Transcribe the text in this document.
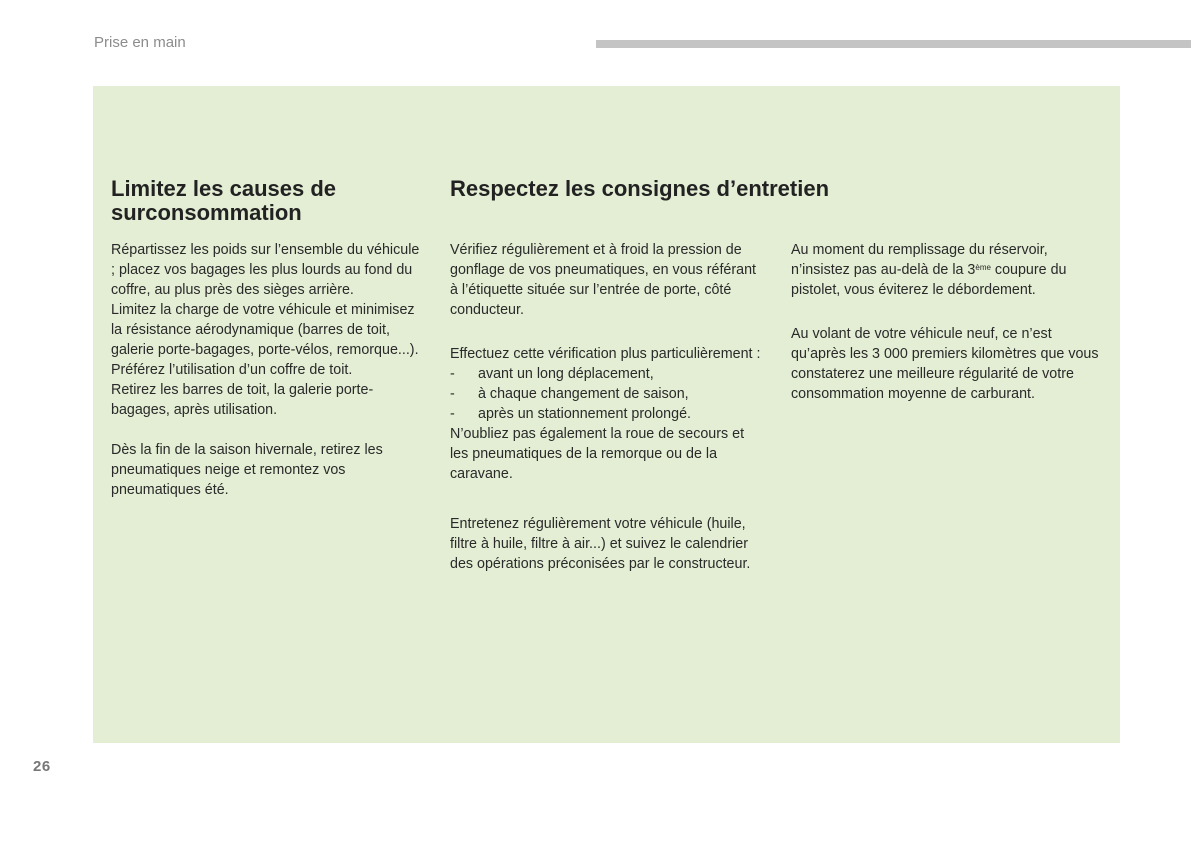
Prise en main
Limitez les causes de
surconsommation

Répartissez les poids sur l’ensemble du véhicule ; placez vos bagages les plus lourds au fond du coffre, au plus près des sièges arrière.

Limitez la charge de votre véhicule et minimisez la résistance aérodynamique (barres de toit, galerie porte-bagages, porte-vélos, remorque...). Préférez l’utilisation d’un coffre de toit.

Retirez les barres de toit, la galerie porte-bagages, après utilisation.

Dès la fin de la saison hivernale, retirez les pneumatiques neige et remontez vos pneumatiques été.

Respectez les consignes d’entretien

Vérifiez régulièrement et à froid la pression de gonflage de vos pneumatiques, en vous référant à l’étiquette située sur l’entrée de porte, côté conducteur.

Effectuez cette vérification plus particulièrement :

- avant un long déplacement,
- à chaque changement de saison,
- après un stationnement prolongé.

N’oubliez pas également la roue de secours et les pneumatiques de la remorque ou de la caravane.

Entretenez régulièrement votre véhicule (huile, filtre à huile, filtre à air...) et suivez le calendrier des opérations préconisées par le constructeur.

Au moment du remplissage du réservoir, n’insistez pas au-delà de la 3ème coupure du pistolet, vous éviterez le débordement.

Au volant de votre véhicule neuf, ce n’est qu’après les 3 000 premiers kilomètres que vous constaterez une meilleure régularité de votre consommation moyenne de carburant.

26
